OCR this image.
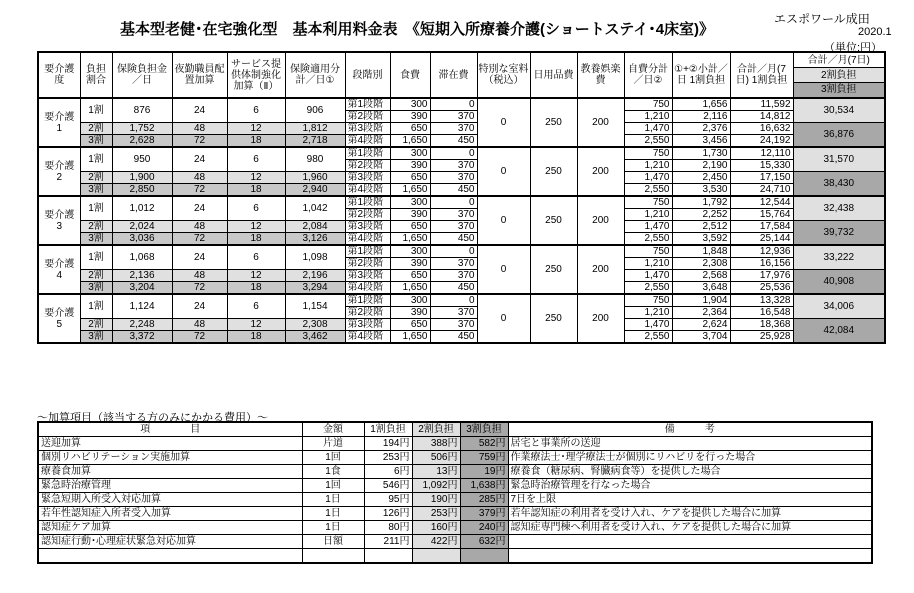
基本型老健･在宅強化型　基本利用料金表　《短期入所療養介護(ショートステイ･4床室)》
エスポワール成田
2020.1
（単位:円）
要介護度	負担割合	保険負担金／日	夜勤職員配置加算	サービス提供体制強化加算（Ⅱ）	保険適用分計／日①	段階別	食費	滞在費	特別な室料（税込）	日用品費	教養娯楽費	自費分計／日②	①+②小計／日 1割負担	合計／月(7日) 1割負担	合計／月(7日)
2割負担
3割負担

要介護
1	1割	876	24	6	906	第1段階	300	0	0	250	200	750	1,656	11,592	30,534
						第2段階	390	370				1,210	2,116	14,812	
	2割	1,752	48	12	1,812	第3段階	650	370				1,470	2,376	16,632	36,876
	3割	2,628	72	18	2,718	第4段階	1,650	450				2,550	3,456	24,192	

要介護
2	1割	950	24	6	980	第1段階	300	0	0	250	200	750	1,730	12,110	31,570
						第2段階	390	370				1,210	2,190	15,330	
	2割	1,900	48	12	1,960	第3段階	650	370				1,470	2,450	17,150	38,430
	3割	2,850	72	18	2,940	第4段階	1,650	450				2,550	3,530	24,710	

要介護
3	1割	1,012	24	6	1,042	第1段階	300	0	0	250	200	750	1,792	12,544	32,438
						第2段階	390	370				1,210	2,252	15,764	
	2割	2,024	48	12	2,084	第3段階	650	370				1,470	2,512	17,584	39,732
	3割	3,036	72	18	3,126	第4段階	1,650	450				2,550	3,592	25,144	

要介護
4	1割	1,068	24	6	1,098	第1段階	300	0	0	250	200	750	1,848	12,936	33,222
						第2段階	390	370				1,210	2,308	16,156	
	2割	2,136	48	12	2,196	第3段階	650	370				1,470	2,568	17,976	40,908
	3割	3,204	72	18	3,294	第4段階	1,650	450				2,550	3,648	25,536	

要介護
5	1割	1,124	24	6	1,154	第1段階	300	0	0	250	200	750	1,904	13,328	34,006
						第2段階	390	370				1,210	2,364	16,548	
	2割	2,248	48	12	2,308	第3段階	650	370				1,470	2,624	18,368	42,084
	3割	3,372	72	18	3,462	第4段階	1,650	450				2,550	3,704	25,928	
～加算項目（該当する方のみにかかる費用）～
項　　　　目	金額	1割負担	2割負担	3割負担	備　　　考
送迎加算	片道	194円	388円	582円	居宅と事業所の送迎
個別リハビリテーション実施加算	1回	253円	506円	759円	作業療法士･理学療法士が個別にリハビリを行った場合
療養食加算	1食	6円	13円	19円	療養食（糖尿病、腎臓病食等）を提供した場合
緊急時治療管理	1回	546円	1,092円	1,638円	緊急時治療管理を行なった場合
緊急短期入所受入対応加算	1日	95円	190円	285円	7日を上限
若年性認知症入所者受入加算	1日	126円	253円	379円	若年認知症の利用者を受け入れ、ケアを提供した場合に加算
認知症ケア加算	1日	80円	160円	240円	認知症専門棟へ利用者を受け入れ、ケアを提供した場合に加算
認知症行動･心理症状緊急対応加算	日額	211円	422円	632円	
